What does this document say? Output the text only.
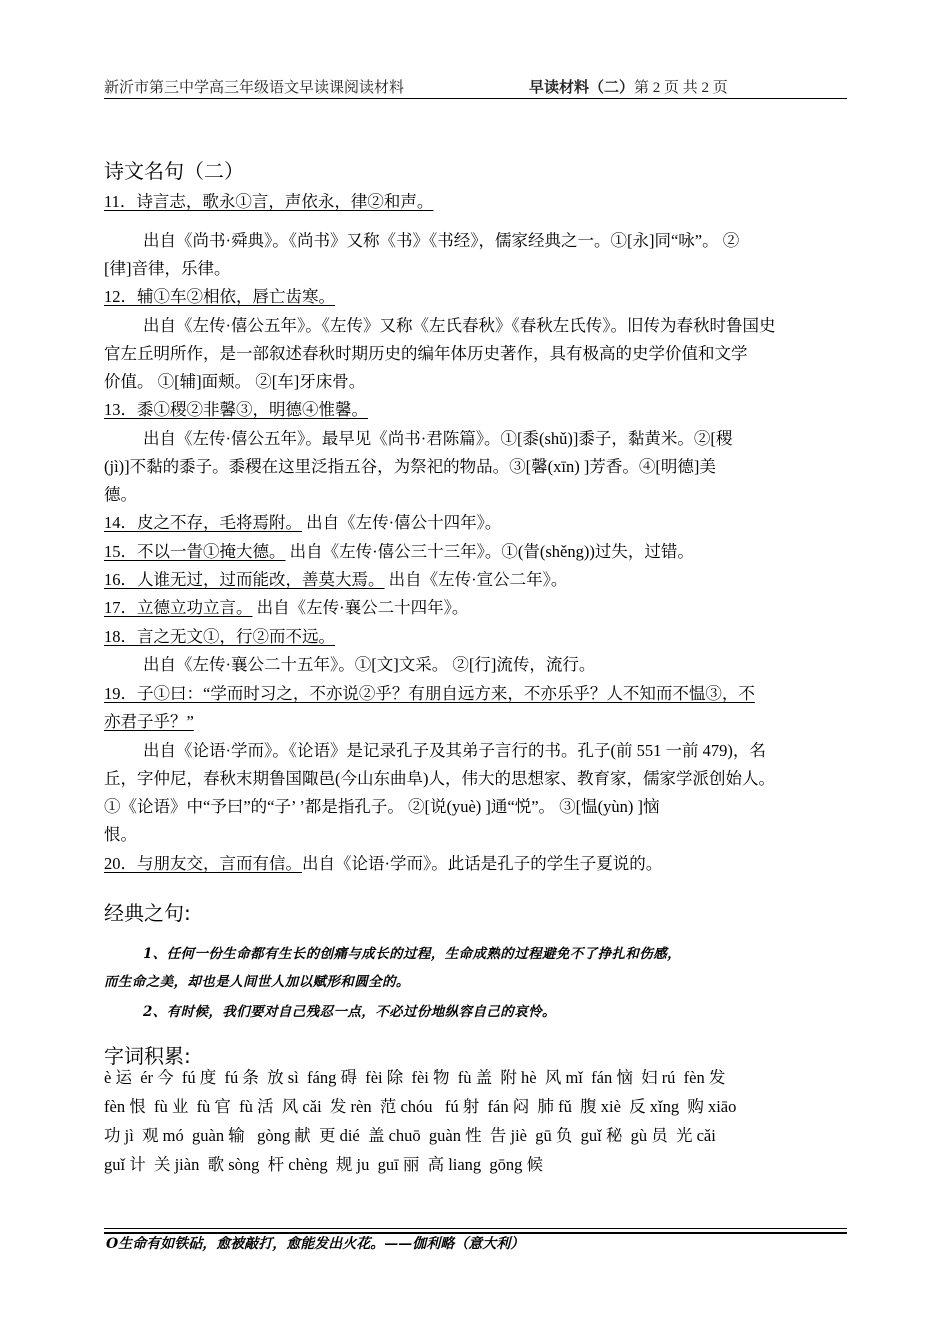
新沂市第三中学高三年级语文早读课阅读材料	早读材料（二）第 2 页 共 2 页
诗文名句（二）
11．诗言志，歌永①言，声依永，律②和声。
出自《尚书·舜典》。《尚书》又称《书》《书经》，儒家经典之一。①[永]同“咏”。 ②
[律]音律，乐律。
12．辅①车②相依，唇亡齿寒。
出自《左传·僖公五年》。《左传》又称《左氏春秋》《春秋左氏传》。旧传为春秋时鲁国史
官左丘明所作，是一部叙述春秋时期历史的编年体历史著作，具有极高的史学价值和文学
价值。 ①[辅]面颊。 ②[车]牙床骨。
13．黍①稷②非馨③，明德④惟馨。
出自《左传·僖公五年》。最早见《尚书·君陈篇》。①[黍(shǔ)]黍子，黏黄米。②[稷
(jì)]不黏的黍子。黍稷在这里泛指五谷，为祭祀的物品。③[馨(xīn) ]芳香。④[明德]美
德。
14．皮之不存，毛将焉附。 出自《左传·僖公十四年》。
15．不以一眚①掩大德。 出自《左传·僖公三十三年》。①(眚(shěng))过失，过错。
16．人谁无过，过而能改，善莫大焉。 出自《左传·宣公二年》。
17．立德立功立言。 出自《左传·襄公二十四年》。
18．言之无文①，行②而不远。
出自《左传·襄公二十五年》。①[文]文采。 ②[行]流传，流行。
19．子①曰：“学而时习之，不亦说②乎？有朋自远方来，不亦乐乎？人不知而不愠③，不
亦君子乎？”
出自《论语·学而》。《论语》是记录孔子及其弟子言行的书。孔子(前 551 一前 479)，名
丘，字仲尼，春秋末期鲁国陬邑(今山东曲阜)人，伟大的思想家、教育家，儒家学派创始人。
①《论语》中“予曰”的“子’ ’都是指孔子。 ②[说(yuè) ]通“悦”。 ③[愠(yùn) ]恼
恨。
20．与朋友交，言而有信。出自《论语·学而》。此话是孔子的学生子夏说的。
经典之句:
1、任何一份生命都有生长的创痛与成长的过程，生命成熟的过程避免不了挣扎和伤感，
而生命之美，却也是人间世人加以赋形和圆全的。
2、有时候，我们要对自己残忍一点，不必过份地纵容自己的哀怜。
字词积累:
è 运  ér 今  fú 度  fú 条  放 sì  fáng 碍  fèi 除  fèi 物  fù 盖  附 hè  风 mǐ  fán 恼  妇 rú  fèn 发
fèn 恨  fù 业  fù 官  fù 活  风 cǎi  发 rèn  范 chóu   fú 射  fán 闷  肺 fǔ  腹 xiè  反 xǐng  购 xiāo
功 jì  观 mó  guàn 输   gòng 献  更 dié  盖 chuō  guàn 性  告 jiè  gū 负  guǐ 秘  gù 员  光 cǎi
guǐ 计  关 jiàn  歌 sòng  杆 chèng  规 ju  guī 丽  高 liang  gōng 候
O生命有如铁砧，愈被敲打，愈能发出火花。——伽利略（意大利）
